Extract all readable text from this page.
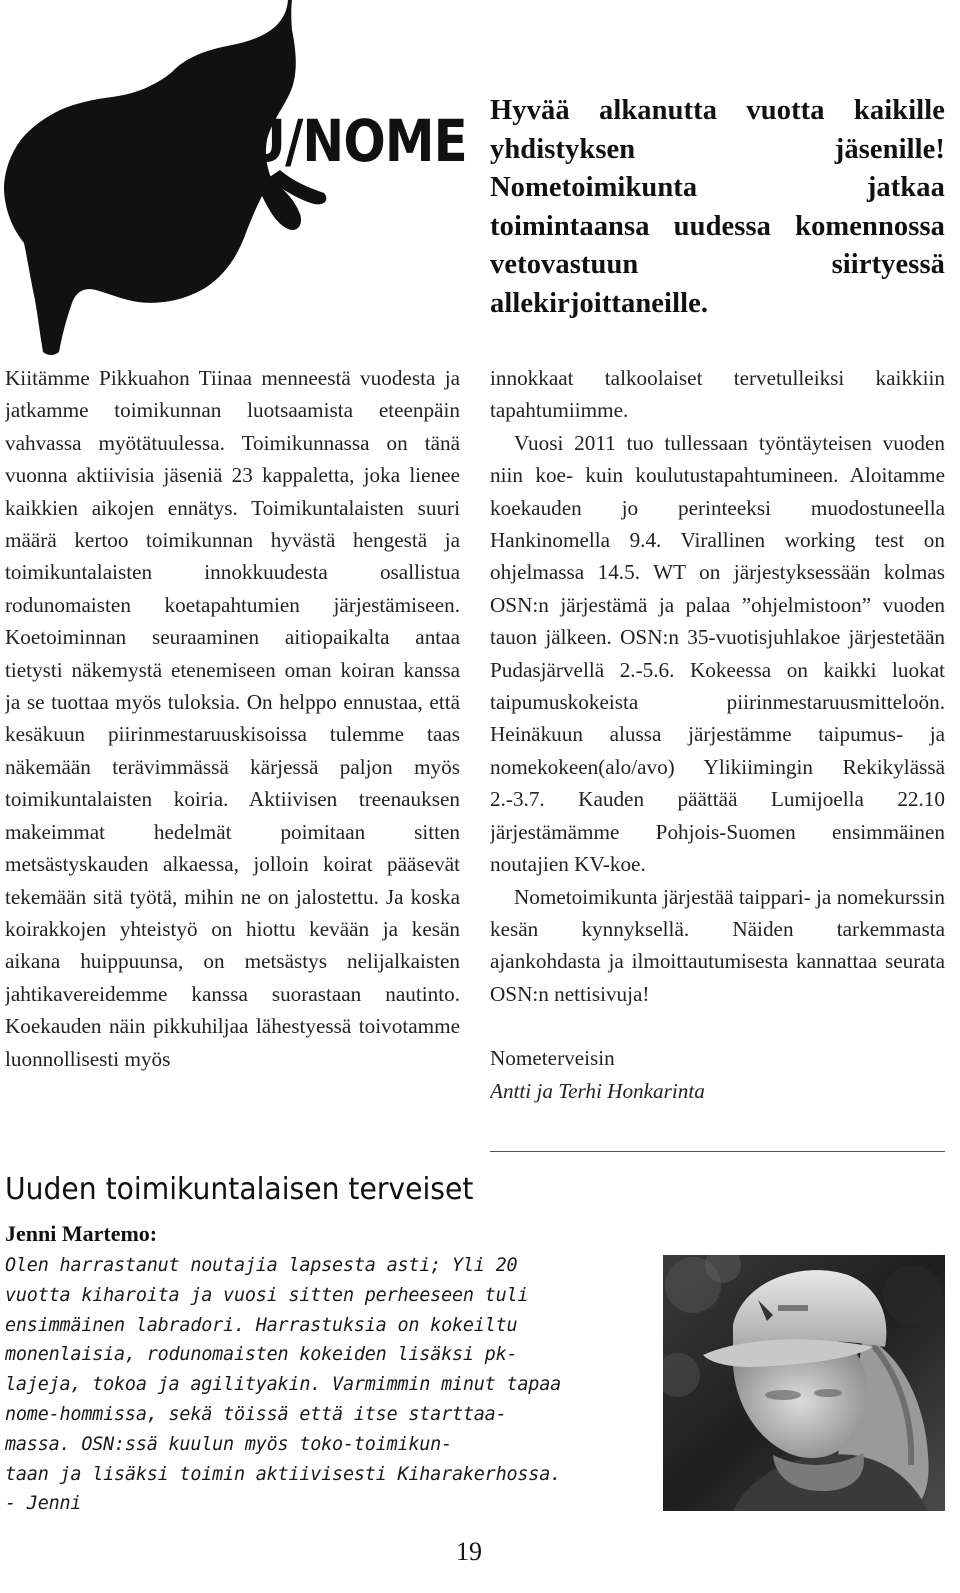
NOU/NOME Hyvää alkanutta vuotta kaikille yhdistyksen jäsenille! Nometoimikunta jatkaa toimintaansa uudessa komennossa vetovastuun siirtyessä allekirjoittaneille.

Kiitämme Pikkuahon Tiinaa menneestä vuodesta ja jatkamme toimikunnan luotsaamista eteenpäin vahvassa myötätuulessa. Toimikunnassa on tänä vuonna aktiivisia jäseniä 23 kappaletta, joka lienee kaikkien aikojen ennätys. Toimikuntalaisten suuri määrä kertoo toimikunnan hyvästä hengestä ja toimikuntalaisten innokkuudesta osallistua rodunomaisten koetapahtumien järjestämiseen. Koetoiminnan seuraaminen aitiopaikalta antaa tietysti näkemystä etenemiseen oman koiran kanssa ja se tuottaa myös tuloksia. On helppo ennustaa, että kesäkuun piirinmestaruuskisoissa tulemme taas näkemään terävimmässä kärjessä paljon myös toimikuntalaisten koiria. Aktiivisen treenauksen makeimmat hedelmät poimitaan sitten metsästyskauden alkaessa, jolloin koirat pääsevät tekemään sitä työtä, mihin ne on jalostettu. Ja koska koirakkojen yhteistyö on hiottu kevään ja kesän aikana huippuunsa, on metsästys nelijalkaisten jahtikavereidemme kanssa suorastaan nautinto. Koekauden näin pikkuhiljaa lähestyessä toivotamme luonnollisesti myös

innokkaat talkoolaiset tervetulleiksi kaikkiin tapahtumiimme.

Vuosi 2011 tuo tullessaan työntäyteisen vuoden niin koe- kuin koulutustapahtumineen. Aloitamme koekauden jo perinteeksi muodostuneella Hankinomella 9.4. Virallinen working test on ohjelmassa 14.5. WT on järjestyksessään kolmas OSN:n järjestämä ja palaa ”ohjelmistoon” vuoden tauon jälkeen. OSN:n 35-vuotisjuhlakoe järjestetään Pudasjärvellä 2.-5.6. Kokeessa on kaikki luokat taipumuskokeista piirinmestaruusmitteloön. Heinäkuun alussa järjestämme taipumus- ja nomekokeen(alo/avo) Ylikiimingin Rekikylässä 2.-3.7. Kauden päättää Lumijoella 22.10 järjestämämme Pohjois-Suomen ensimmäinen noutajien KV-koe.

Nometoimikunta järjestää taippari- ja nomekurssin kesän kynnyksellä. Näiden tarkemmasta ajankohdasta ja ilmoittautumisesta kannattaa seurata OSN:n nettisivuja!

Nometerveisin

Antti ja Terhi Honkarinta

Uuden toimikuntalaisen terveiset
Jenni Martemo:
Olen harrastanut noutajia lapsesta asti; Yli 20
vuotta kiharoita ja vuosi sitten perheeseen tuli
ensimmäinen labradori. Harrastuksia on kokeiltu
monenlaisia, rodunomaisten kokeiden lisäksi pk-
lajeja, tokoa ja agilityakin. Varmimmin minut tapaa
nome-hommissa, sekä töissä että itse starttaa-
massa. OSN:ssä kuulun myös toko-toimikun-
taan ja lisäksi toimin aktiivisesti Kiharakerhossa.
- Jenni
19
